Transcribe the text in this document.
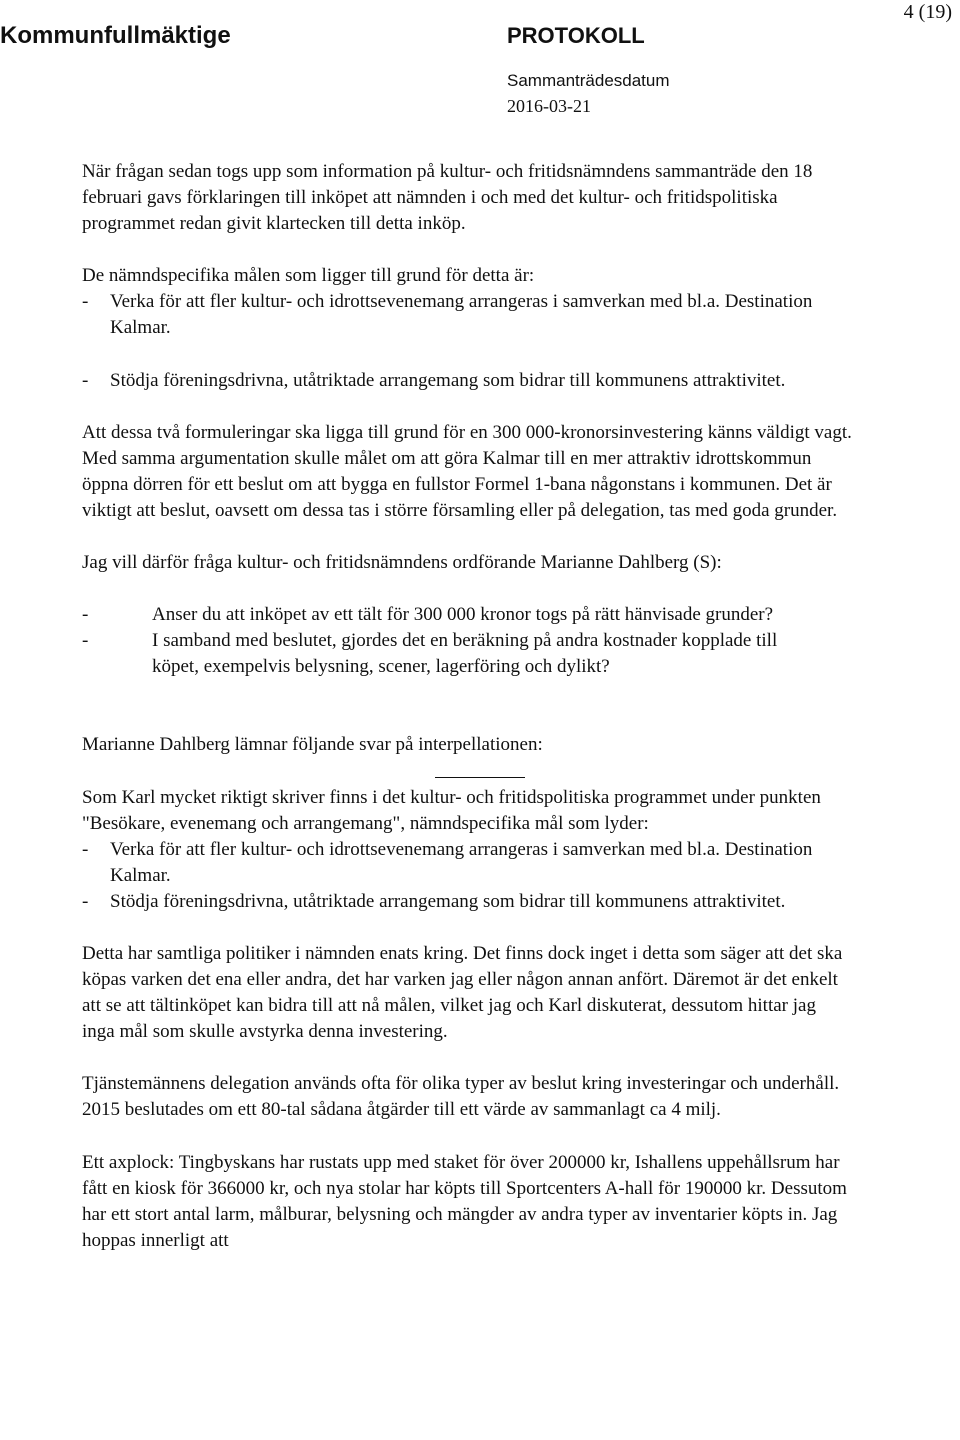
Kommunfullmäktige	PROTOKOLL
Sammanträdesdatum
2016-03-21
4 (19)

När frågan sedan togs upp som information på kultur- och fritidsnämndens sammanträde den 18 februari gavs förklaringen till inköpet att nämnden i och med det kultur- och fritidspolitiska programmet redan givit klartecken till detta inköp.

De nämndspecifika målen som ligger till grund för detta är:

-	Verka för att fler kultur- och idrottsevenemang arrangeras i samverkan med bl.a. Destination Kalmar.
-	Stödja föreningsdrivna, utåtriktade arrangemang som bidrar till kommunens attraktivitet.

Att dessa två formuleringar ska ligga till grund för en 300 000-kronorsinvestering känns väldigt vagt. Med samma argumentation skulle målet om att göra Kalmar till en mer attraktiv idrottskommun öppna dörren för ett beslut om att bygga en fullstor Formel 1-bana någonstans i kommunen. Det är viktigt att beslut, oavsett om dessa tas i större församling eller på delegation, tas med goda grunder.

Jag vill därför fråga kultur- och fritidsnämndens ordförande Marianne Dahlberg (S):

-	Anser du att inköpet av ett tält för 300 000 kronor togs på rätt hänvisade grunder?
-	I samband med beslutet, gjordes det en beräkning på andra kostnader kopplade till köpet, exempelvis belysning, scener, lagerföring och dylikt?

Marianne Dahlberg lämnar följande svar på interpellationen:

Som Karl mycket riktigt skriver finns i det kultur- och fritidspolitiska programmet under punkten "Besökare, evenemang och arrangemang", nämndspecifika mål som lyder:

-	Verka för att fler kultur- och idrottsevenemang arrangeras i samverkan med bl.a. Destination Kalmar.
-	Stödja föreningsdrivna, utåtriktade arrangemang som bidrar till kommunens attraktivitet.

Detta har samtliga politiker i nämnden enats kring. Det finns dock inget i detta som säger att det ska köpas varken det ena eller andra, det har varken jag eller någon annan anfört. Däremot är det enkelt att se att tältinköpet kan bidra till att nå målen, vilket jag och Karl diskuterat, dessutom hittar jag inga mål som skulle avstyrka denna investering.

Tjänstemännens delegation används ofta för olika typer av beslut kring investeringar och underhåll. 2015 beslutades om ett 80-tal sådana åtgärder till ett värde av sammanlagt ca 4 milj.

Ett axplock: Tingbyskans har rustats upp med staket för över 200000 kr, Ishallens uppehållsrum har fått en kiosk för 366000 kr, och nya stolar har köpts till Sportcenters A-hall för 190000 kr. Dessutom har ett stort antal larm, målburar, belysning och mängder av andra typer av inventarier köpts in. Jag hoppas innerligt att
